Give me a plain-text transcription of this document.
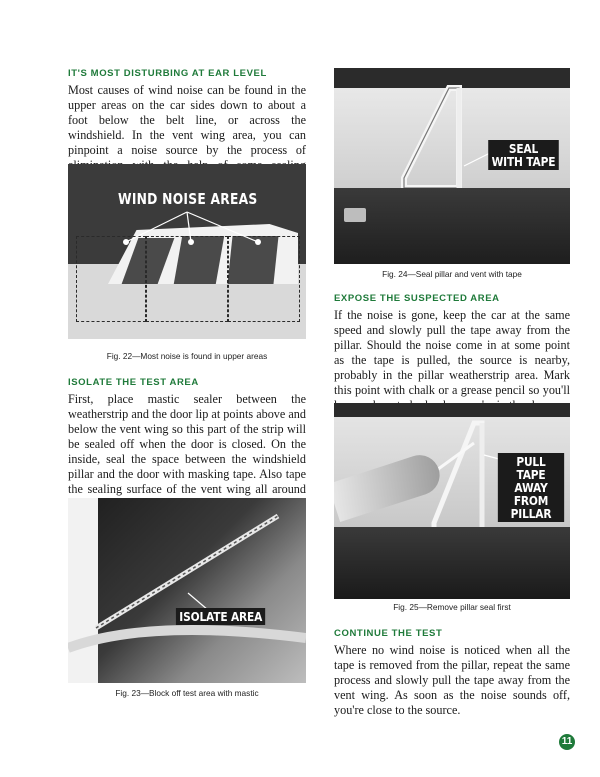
IT'S MOST DISTURBING AT EAR LEVEL

Most causes of wind noise can be found in the upper areas on the car sides down to about a foot below the belt line, or across the windshield. In the vent wing area, you can pinpoint a noise source by the process of

WIND NOISE AREAS

Fig. 22—Most noise is found in upper areas

ISOLATE THE TEST AREA

First, place mastic sealer between the weatherstrip and the door lip at points above and below the vent wing so this part of the strip will be sealed off when the door is closed. On the inside, seal the space between the windshield pillar and the door with masking tape. Also tape the sealing surface of the vent wing all around

ISOLATE AREA

Fig. 23—Block off test area with mastic

SEAL
WITH TAPE

Fig. 24—Seal pillar and vent with tape

EXPOSE THE SUSPECTED AREA

If the noise is gone, keep the car at the same speed and slowly pull the tape away from the pillar. Should the noise come in at some point as the tape is pulled, the source is nearby, probably in the pillar weatherstrip area. Mark this point with chalk or a grease pencil so you'll

PULL TAPE
AWAY FROM
PILLAR

Fig. 25—Remove pillar seal first

CONTINUE THE TEST

Where no wind noise is noticed when all the tape is removed from the pillar, repeat the same process and slowly pull the tape away from the vent wing. As soon as the noise sounds off, you're close to the source.

11
